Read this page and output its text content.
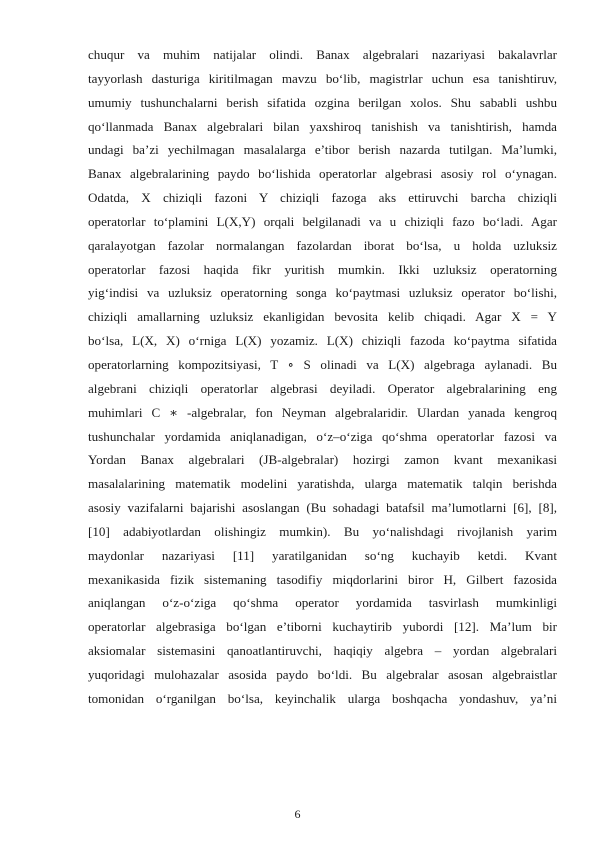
chuqur va muhim natijalar olindi. Banax algebralari nazariyasi bakalavrlar
tayyorlash dasturiga kiritilmagan mavzu bo‘lib, magistrlar uchun esa tanishtiruv,
umumiy tushunchalarni berish sifatida ozgina berilgan xolos. Shu sababli ushbu
qo‘llanmada Banax algebralari bilan yaxshiroq tanishish va tanishtirish, hamda
undagi ba’zi yechilmagan masalalarga e’tibor berish nazarda tutilgan. Ma’lumki,
Banax algebralarining paydo bo‘lishida operatorlar algebrasi asosiy rol o‘ynagan.
Odatda, X chiziqli fazoni Y chiziqli fazoga aks ettiruvchi barcha chiziqli
operatorlar to‘plamini L(X,Y) orqali belgilanadi va u chiziqli fazo bo‘ladi. Agar
qaralayotgan fazolar normalangan fazolardan iborat bo‘lsa, u holda uzluksiz
operatorlar fazosi haqida fikr yuritish mumkin. Ikki uzluksiz operatorning
yig‘indisi va uzluksiz operatorning songa ko‘paytmasi uzluksiz operator bo‘lishi,
chiziqli amallarning uzluksiz ekanligidan bevosita kelib chiqadi. Agar X = Y
bo‘lsa, L(X, X) o‘rniga L(X) yozamiz. L(X) chiziqli fazoda ko‘paytma sifatida
operatorlarning kompozitsiyasi, T ∘ S olinadi va L(X) algebraga aylanadi. Bu
algebrani chiziqli operatorlar algebrasi deyiladi. Operator algebralarining eng
muhimlari C ∗ -algebralar, fon Neyman algebralaridir. Ulardan yanada kengroq
tushunchalar yordamida aniqlanadigan, o‘z–o‘ziga qo‘shma operatorlar fazosi va
Yordan Banax algebralari (JB-algebralar) hozirgi zamon kvant mexanikasi
masalalarining matematik modelini yaratishda, ularga matematik talqin berishda
asosiy vazifalarni bajarishi asoslangan (Bu sohadagi batafsil ma’lumotlarni [6], [8],
[10] adabiyotlardan olishingiz mumkin). Bu yo‘nalishdagi rivojlanish yarim
maydonlar nazariyasi [11] yaratilganidan so‘ng kuchayib ketdi. Kvant
mexanikasida fizik sistemaning tasodifiy miqdorlarini biror H, Gilbert fazosida
aniqlangan o‘z-o‘ziga qo‘shma operator yordamida tasvirlash mumkinligi
operatorlar algebrasiga bo‘lgan e’tiborni kuchaytirib yubordi [12]. Ma’lum bir
aksiomalar sistemasini qanoatlantiruvchi, haqiqiy algebra – yordan algebralari
yuqoridagi mulohazalar asosida paydo bo‘ldi. Bu algebralar asosan algebraistlar
tomonidan o‘rganilgan bo‘lsa, keyinchalik ularga boshqacha yondashuv, ya’ni
6
